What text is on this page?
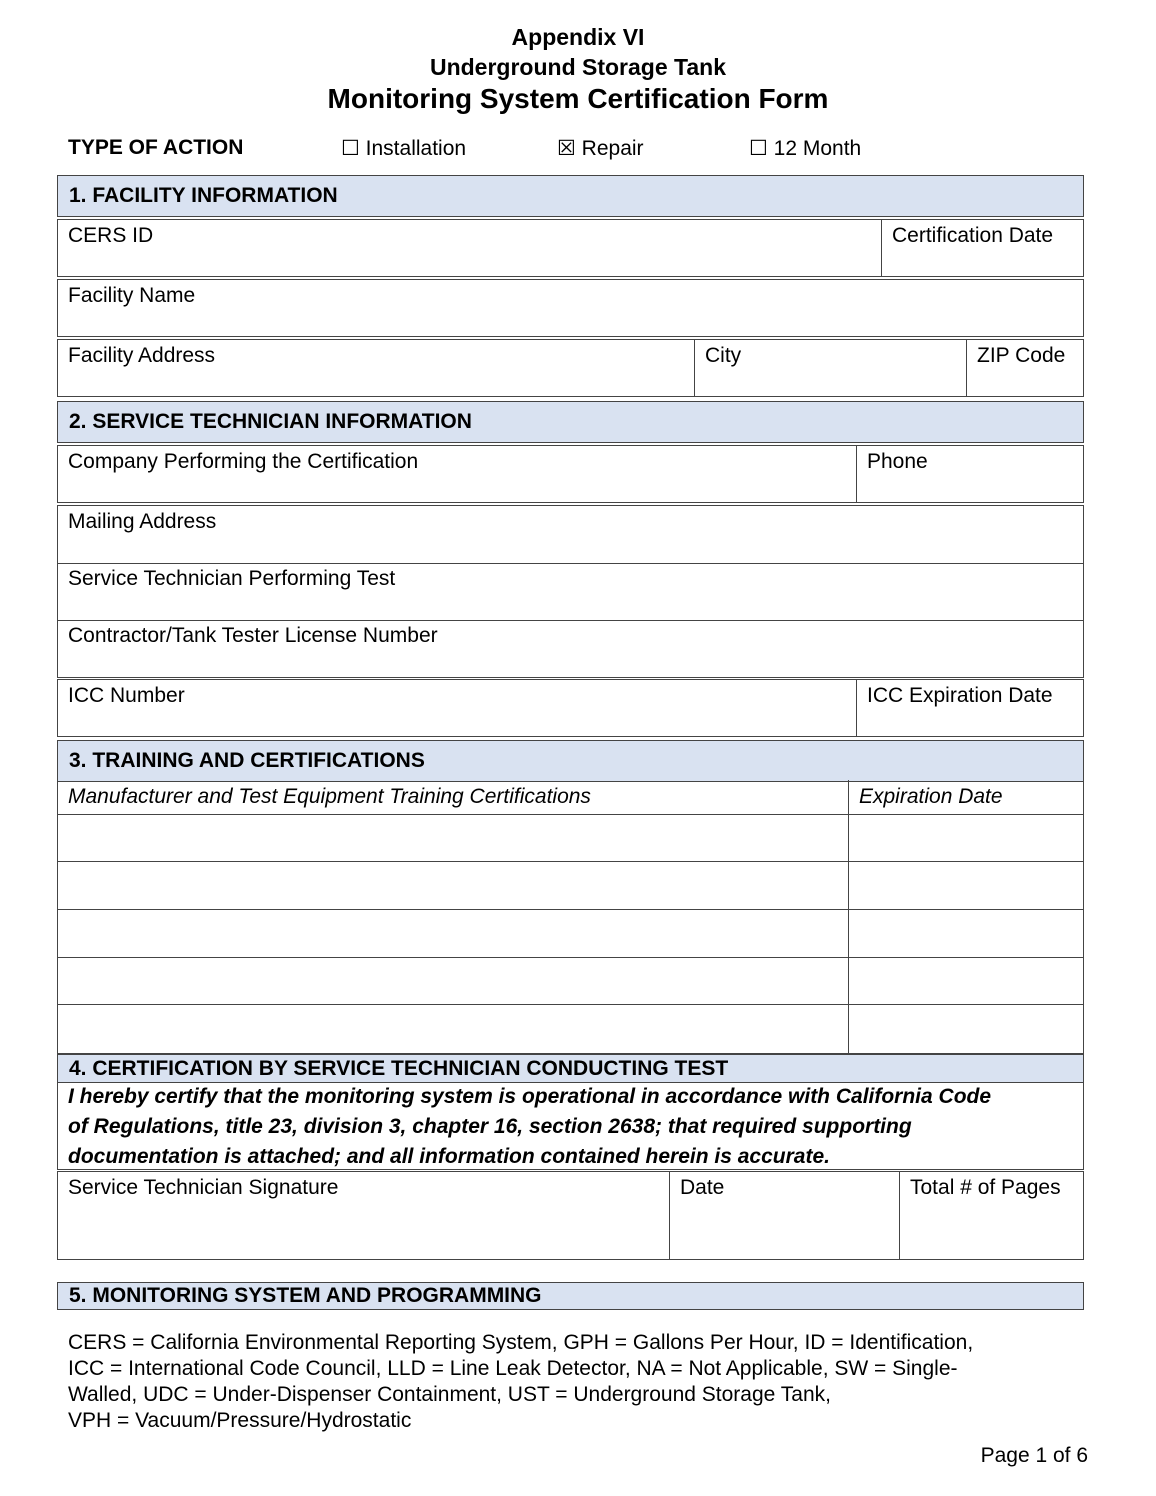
Appendix VI
Underground Storage Tank
Monitoring System Certification Form
TYPE OF ACTION	☐ Installation	☒ Repair	☐ 12 Month
1. FACILITY INFORMATION
CERS ID	Certification Date
Facility Name
Facility Address	City	ZIP Code
2. SERVICE TECHNICIAN INFORMATION
Company Performing the Certification	Phone
Mailing Address
Service Technician Performing Test
Contractor/Tank Tester License Number
ICC Number	ICC Expiration Date
3. TRAINING AND CERTIFICATIONS
Manufacturer and Test Equipment Training Certifications	Expiration Date
4. CERTIFICATION BY SERVICE TECHNICIAN CONDUCTING TEST
I hereby certify that the monitoring system is operational in accordance with California Code
of Regulations, title 23, division 3, chapter 16, section 2638; that required supporting
documentation is attached; and all information contained herein is accurate.
Service Technician Signature	Date	Total # of Pages
5. MONITORING SYSTEM AND PROGRAMMING
CERS = California Environmental Reporting System, GPH = Gallons Per Hour, ID = Identification,
ICC = International Code Council, LLD = Line Leak Detector, NA = Not Applicable, SW = Single-
Walled, UDC = Under-Dispenser Containment, UST = Underground Storage Tank,
VPH = Vacuum/Pressure/Hydrostatic
Page 1 of 6
